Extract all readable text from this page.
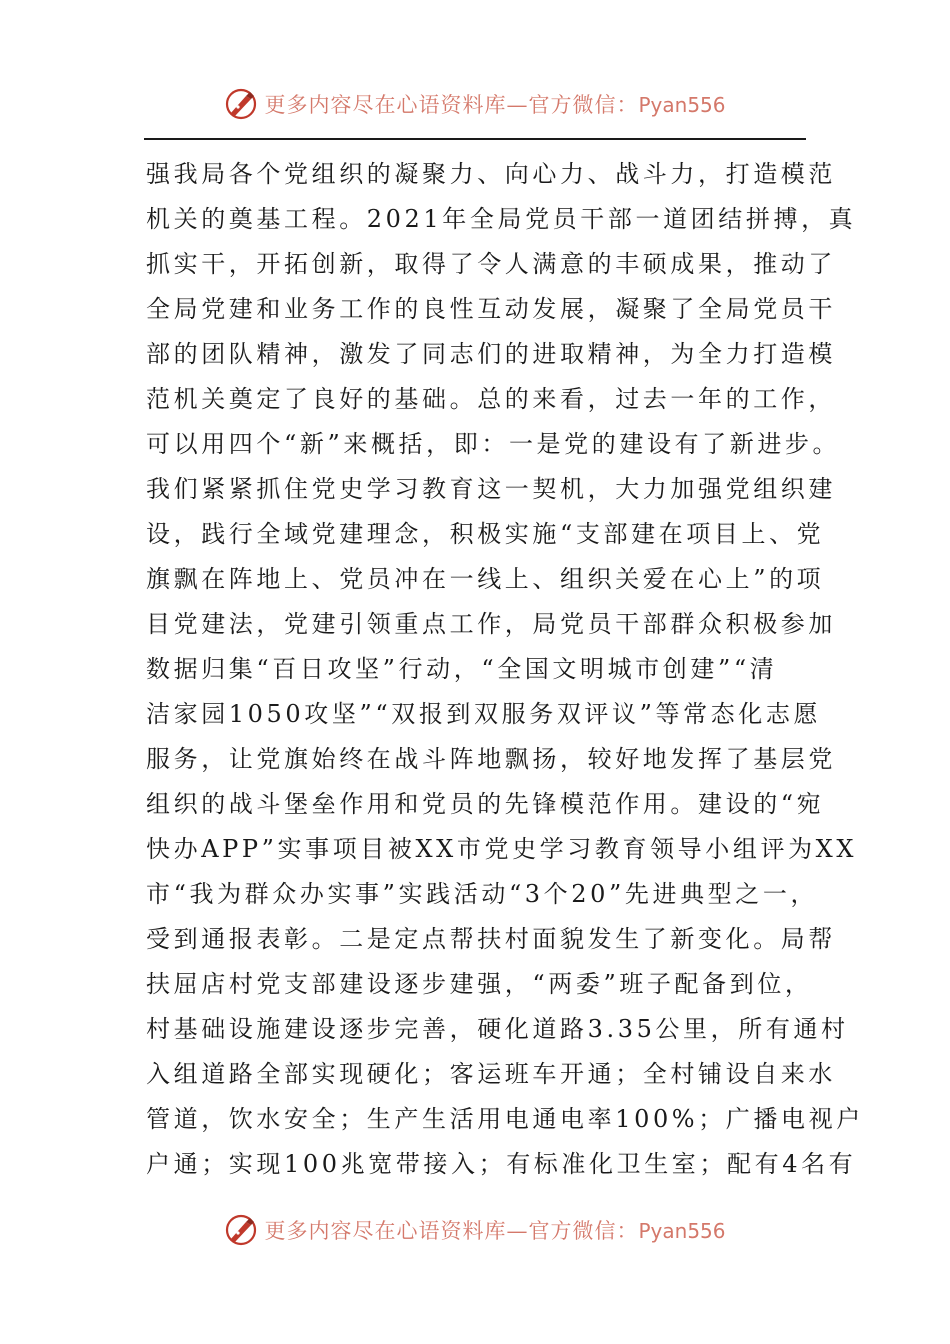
更多内容尽在心语资料库—官方微信：Pyan556
强我局各个党组织的凝聚力、向心力、战斗力，打造模范
机关的奠基工程。2021年全局党员干部一道团结拼搏，真
抓实干，开拓创新，取得了令人满意的丰硕成果，推动了
全局党建和业务工作的良性互动发展，凝聚了全局党员干
部的团队精神，激发了同志们的进取精神，为全力打造模
范机关奠定了良好的基础。总的来看，过去一年的工作，
可以用四个“新”来概括，即：一是党的建设有了新进步。
我们紧紧抓住党史学习教育这一契机，大力加强党组织建
设，践行全域党建理念，积极实施“支部建在项目上、党
旗飘在阵地上、党员冲在一线上、组织关爱在心上”的项
目党建法，党建引领重点工作，局党员干部群众积极参加
数据归集“百日攻坚”行动，“全国文明城市创建”“清
洁家园1050攻坚”“双报到双服务双评议”等常态化志愿
服务，让党旗始终在战斗阵地飘扬，较好地发挥了基层党
组织的战斗堡垒作用和党员的先锋模范作用。建设的“宛
快办APP”实事项目被XX市党史学习教育领导小组评为XX
市“我为群众办实事”实践活动“3个20”先进典型之一，
受到通报表彰。二是定点帮扶村面貌发生了新变化。局帮
扶屈店村党支部建设逐步建强，“两委”班子配备到位，
村基础设施建设逐步完善，硬化道路3.35公里，所有通村
入组道路全部实现硬化；客运班车开通；全村铺设自来水
管道，饮水安全；生产生活用电通电率100%；广播电视户
户通；实现100兆宽带接入；有标准化卫生室；配有4名有
更多内容尽在心语资料库—官方微信：Pyan556
